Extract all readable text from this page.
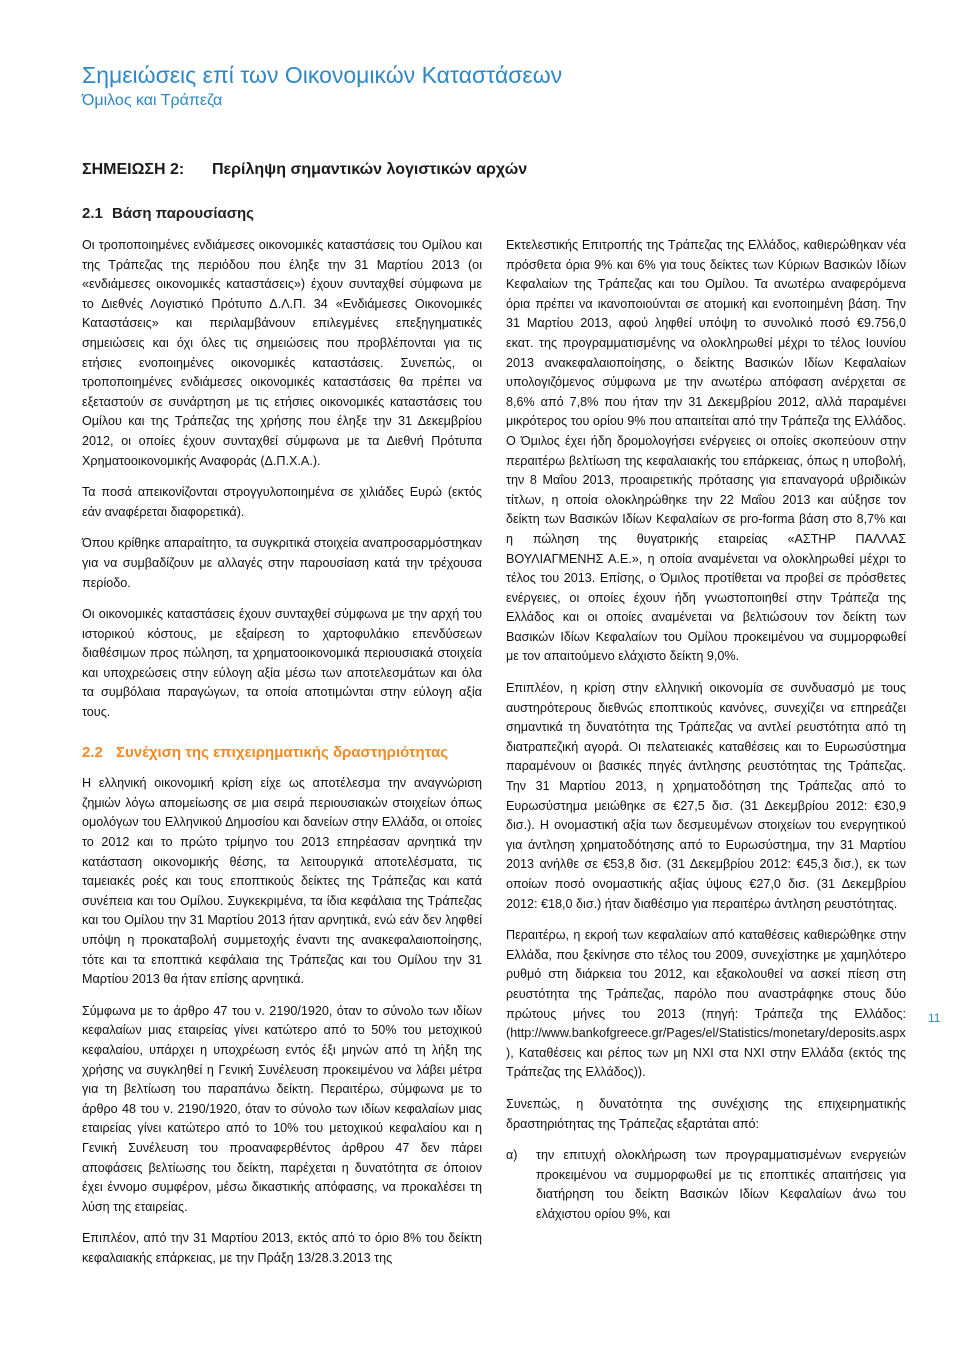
Σημειώσεις επί των Οικονομικών Καταστάσεων
Όμιλος και Τράπεζα
ΣΗΜΕΙΩΣΗ 2: Περίληψη σημαντικών λογιστικών αρχών
2.1 Βάση παρουσίασης

Οι τροποποιημένες ενδιάμεσες οικονομικές καταστάσεις του Ομίλου και της Τράπεζας της περιόδου που έληξε την 31 Μαρτίου 2013 (οι «ενδιάμεσες οικονομικές καταστάσεις») έχουν συνταχθεί σύμφωνα με το Διεθνές Λογιστικό Πρότυπο Δ.Λ.Π. 34 «Ενδιάμεσες Οικονομικές Καταστάσεις» και περιλαμβάνουν επιλεγμένες επεξηγηματικές σημειώσεις και όχι όλες τις σημειώσεις που προβλέπονται για τις ετήσιες ενοποιημένες οικονομικές καταστάσεις. Συνεπώς, οι τροποποιημένες ενδιάμεσες οικονομικές καταστάσεις θα πρέπει να εξεταστούν σε συνάρτηση με τις ετήσιες οικονομικές καταστάσεις του Ομίλου και της Τράπεζας της χρήσης που έληξε την 31 Δεκεμβρίου 2012, οι οποίες έχουν συνταχθεί σύμφωνα με τα Διεθνή Πρότυπα Χρηματοοικονομικής Αναφοράς (Δ.Π.Χ.Α.).

Τα ποσά απεικονίζονται στρογγυλοποιημένα σε χιλιάδες Ευρώ (εκτός εάν αναφέρεται διαφορετικά).

Όπου κρίθηκε απαραίτητο, τα συγκριτικά στοιχεία αναπροσαρμόστηκαν για να συμβαδίζουν με αλλαγές στην παρουσίαση κατά την τρέχουσα περίοδο.

Οι οικονομικές καταστάσεις έχουν συνταχθεί σύμφωνα με την αρχή του ιστορικού κόστους, με εξαίρεση το χαρτοφυλάκιο επενδύσεων διαθέσιμων προς πώληση, τα χρηματοοικονομικά περιουσιακά στοιχεία και υποχρεώσεις στην εύλογη αξία μέσω των αποτελεσμάτων και όλα τα συμβόλαια παραγώγων, τα οποία αποτιμώνται στην εύλογη αξία τους.

2.2 Συνέχιση της επιχειρηματικής δραστηριότητας

Η ελληνική οικονομική κρίση είχε ως αποτέλεσμα την αναγνώριση ζημιών λόγω απομείωσης σε μια σειρά περιουσιακών στοιχείων όπως ομολόγων του Ελληνικού Δημοσίου και δανείων στην Ελλάδα, οι οποίες το 2012 και το πρώτο τρίμηνο του 2013 επηρέασαν αρνητικά την κατάσταση οικονομικής θέσης, τα λειτουργικά αποτελέσματα, τις ταμειακές ροές και τους εποπτικούς δείκτες της Τράπεζας και κατά συνέπεια και του Ομίλου. Συγκεκριμένα, τα ίδια κεφάλαια της Τράπεζας και του Ομίλου την 31 Μαρτίου 2013 ήταν αρνητικά, ενώ εάν δεν ληφθεί υπόψη η προκαταβολή συμμετοχής έναντι της ανακεφαλαιοποίησης, τότε και τα εποπτικά κεφάλαια της Τράπεζας και του Ομίλου την 31 Μαρτίου 2013 θα ήταν επίσης αρνητικά.

Σύμφωνα με το άρθρο 47 του ν. 2190/1920, όταν το σύνολο των ιδίων κεφαλαίων μιας εταιρείας γίνει κατώτερο από το 50% του μετοχικού κεφαλαίου, υπάρχει η υποχρέωση εντός έξι μηνών από τη λήξη της χρήσης να συγκληθεί η Γενική Συνέλευση προκειμένου να λάβει μέτρα για τη βελτίωση του παραπάνω δείκτη. Περαιτέρω, σύμφωνα με το άρθρο 48 του ν. 2190/1920, όταν το σύνολο των ιδίων κεφαλαίων μιας εταιρείας γίνει κατώτερο από το 10% του μετοχικού κεφαλαίου και η Γενική Συνέλευση του προαναφερθέντος άρθρου 47 δεν πάρει αποφάσεις βελτίωσης του δείκτη, παρέχεται η δυνατότητα σε όποιον έχει έννομο συμφέρον, μέσω δικαστικής απόφασης, να προκαλέσει τη λύση της εταιρείας.

Επιπλέον, από την 31 Μαρτίου 2013, εκτός από το όριο 8% του δείκτη κεφαλαιακής επάρκειας, με την Πράξη 13/28.3.2013 της

Εκτελεστικής Επιτροπής της Τράπεζας της Ελλάδος, καθιερώθηκαν νέα πρόσθετα όρια 9% και 6% για τους δείκτες των Κύριων Βασικών Ιδίων Κεφαλαίων της Τράπεζας και του Ομίλου. Τα ανωτέρω αναφερόμενα όρια πρέπει να ικανοποιούνται σε ατομική και ενοποιημένη βάση. Την 31 Μαρτίου 2013, αφού ληφθεί υπόψη το συνολικό ποσό €9.756,0 εκατ. της προγραμματισμένης να ολοκληρωθεί μέχρι το τέλος Ιουνίου 2013 ανακεφαλαιοποίησης, ο δείκτης Βασικών Ιδίων Κεφαλαίων υπολογιζόμενος σύμφωνα με την ανωτέρω απόφαση ανέρχεται σε 8,6% από 7,8% που ήταν την 31 Δεκεμβρίου 2012, αλλά παραμένει μικρότερος του ορίου 9% που απαιτείται από την Τράπεζα της Ελλάδος. Ο Όμιλος έχει ήδη δρομολογήσει ενέργειες οι οποίες σκοπεύουν στην περαιτέρω βελτίωση της κεφαλαιακής του επάρκειας, όπως η υποβολή, την 8 Μαΐου 2013, προαιρετικής πρότασης για επαναγορά υβριδικών τίτλων, η οποία ολοκληρώθηκε την 22 Μαΐου 2013 και αύξησε τον δείκτη των Βασικών Ιδίων Κεφαλαίων σε pro-forma βάση στο 8,7% και η πώληση της θυγατρικής εταιρείας «ΑΣΤΗΡ ΠΑΛΛΑΣ ΒΟΥΛΙΑΓΜΕΝΗΣ Α.Ε.», η οποία αναμένεται να ολοκληρωθεί μέχρι το τέλος του 2013. Επίσης, ο Όμιλος προτίθεται να προβεί σε πρόσθετες ενέργειες, οι οποίες έχουν ήδη γνωστοποιηθεί στην Τράπεζα της Ελλάδος και οι οποίες αναμένεται να βελτιώσουν τον δείκτη των Βασικών Ιδίων Κεφαλαίων του Ομίλου προκειμένου να συμμορφωθεί με τον απαιτούμενο ελάχιστο δείκτη 9,0%.

Επιπλέον, η κρίση στην ελληνική οικονομία σε συνδυασμό με τους αυστηρότερους διεθνώς εποπτικούς κανόνες, συνεχίζει να επηρεάζει σημαντικά τη δυνατότητα της Τράπεζας να αντλεί ρευστότητα από τη διατραπεζική αγορά. Οι πελατειακές καταθέσεις και το Ευρωσύστημα παραμένουν οι βασικές πηγές άντλησης ρευστότητας της Τράπεζας. Την 31 Μαρτίου 2013, η χρηματοδότηση της Τράπεζας από το Ευρωσύστημα μειώθηκε σε €27,5 δισ. (31 Δεκεμβρίου 2012: €30,9 δισ.). Η ονομαστική αξία των δεσμευμένων στοιχείων του ενεργητικού για άντληση χρηματοδότησης από το Ευρωσύστημα, την 31 Μαρτίου 2013 ανήλθε σε €53,8 δισ. (31 Δεκεμβρίου 2012: €45,3 δισ.), εκ των οποίων ποσό ονομαστικής αξίας ύψους €27,0 δισ. (31 Δεκεμβρίου 2012: €18,0 δισ.) ήταν διαθέσιμο για περαιτέρω άντληση ρευστότητας.

Περαιτέρω, η εκροή των κεφαλαίων από καταθέσεις καθιερώθηκε στην Ελλάδα, που ξεκίνησε στο τέλος του 2009, συνεχίστηκε με χαμηλότερο ρυθμό στη διάρκεια του 2012, και εξακολουθεί να ασκεί πίεση στη ρευστότητα της Τράπεζας, παρόλο που αναστράφηκε στους δύο πρώτους μήνες του 2013 (πηγή: Τράπεζα της Ελλάδος: (http://www.bankofgreece.gr/Pages/el/Statistics/monetary/deposits.aspx ), Καταθέσεις και ρέπος των μη ΝΧΙ στα ΝΧΙ στην Ελλάδα (εκτός της Τράπεζας της Ελλάδος)).

Συνεπώς, η δυνατότητα της συνέχισης της επιχειρηματικής δραστηριότητας της Τράπεζας εξαρτάται από:

α)	την επιτυχή ολοκλήρωση των προγραμματισμένων ενεργειών προκειμένου να συμμορφωθεί με τις εποπτικές απαιτήσεις για διατήρηση του δείκτη Βασικών Ιδίων Κεφαλαίων άνω του ελάχιστου ορίου 9%, και
11
